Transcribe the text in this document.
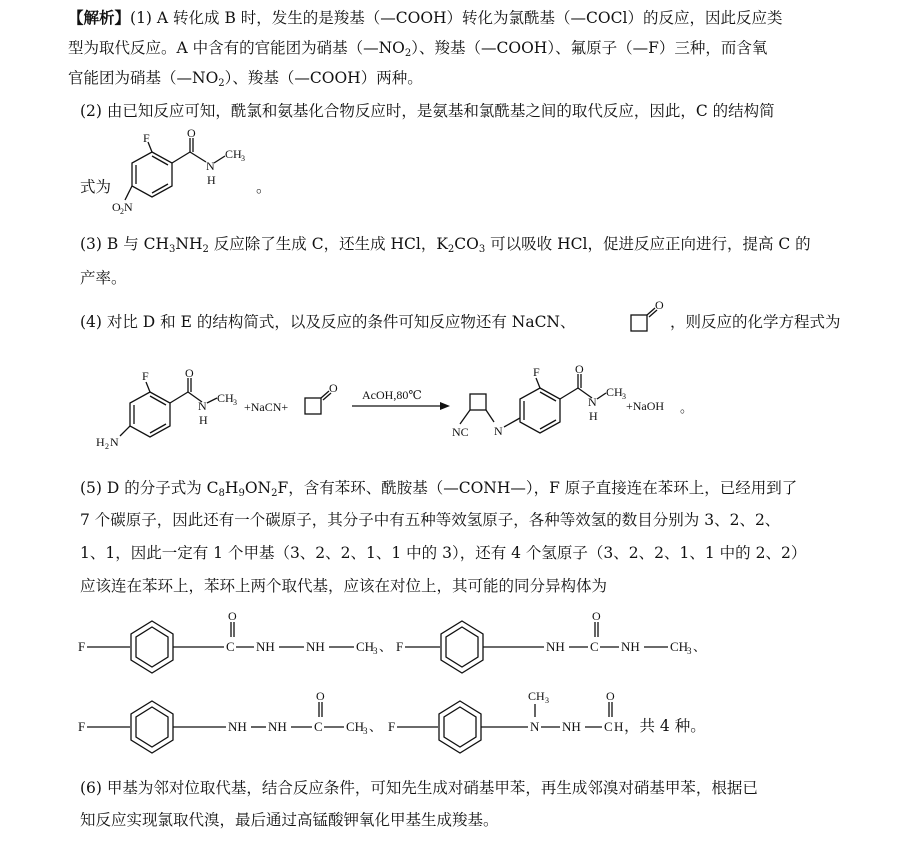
【解析】(1) A 转化成 B 时，发生的是羧基（—COOH）转化为氯酰基（—COCl）的反应，因此反应类
型为取代反应。A 中含有的官能团为硝基$(—NO_2)$、羧基（—COOH）、氟原子（—F）三种，而含氧
官能团为硝基$(—NO_2)$、羧基（—COOH）两种。
(2) 由已知反应可知，酰氯和氨基化合物反应时，是氨基和氯酰基之间的取代反应，因此，C 的结构简
式为	。
F	O
N
H
CH 3
O 2 N
(3) B 与 $CH_3NH_2$ 反应除了生成 C，还生成 HCl，$K_2CO_3$ 可以吸收 HCl，促进反应正向进行，提高 C 的
产率。
(4) 对比 D 和 E 的结构简式，以及反应的条件可知反应物还有 NaCN、
O
，则反应的化学方程式为
F	O
N
H
CH 3
H 2 N
+NaCN+
O AcOH,80℃
NC N
F	O
N
H
CH 3
+NaOH 。
(5) D 的分子式为 $C_8H_9ON_2F$，含有苯环、酰胺基（—CONH—），F 原子直接连在苯环上，已经用到了
7 个碳原子，因此还有一个碳原子，其分子中有五种等效氢原子，各种等效氢的数目分别为 3、2、2、
1、1，因此一定有 1 个甲基（3、2、2、1、1 中的 3），还有 4 个氢原子（3、2、2、1、1 中的 2、2）
应该连在苯环上，苯环上两个取代基，应该在对位上，其可能的同分异构体为
F	C
O
NH NH CH
3 、 F	NH C
O
NH CH
3 、
F	NH NH C
O
CH
3 、 F	N
CH 3
NH C
O
H ，共 4 种。
(6) 甲基为邻对位取代基，结合反应条件，可知先生成对硝基甲苯，再生成邻溴对硝基甲苯，根据已
知反应实现氯取代溴，最后通过高锰酸钾氧化甲基生成羧基。
